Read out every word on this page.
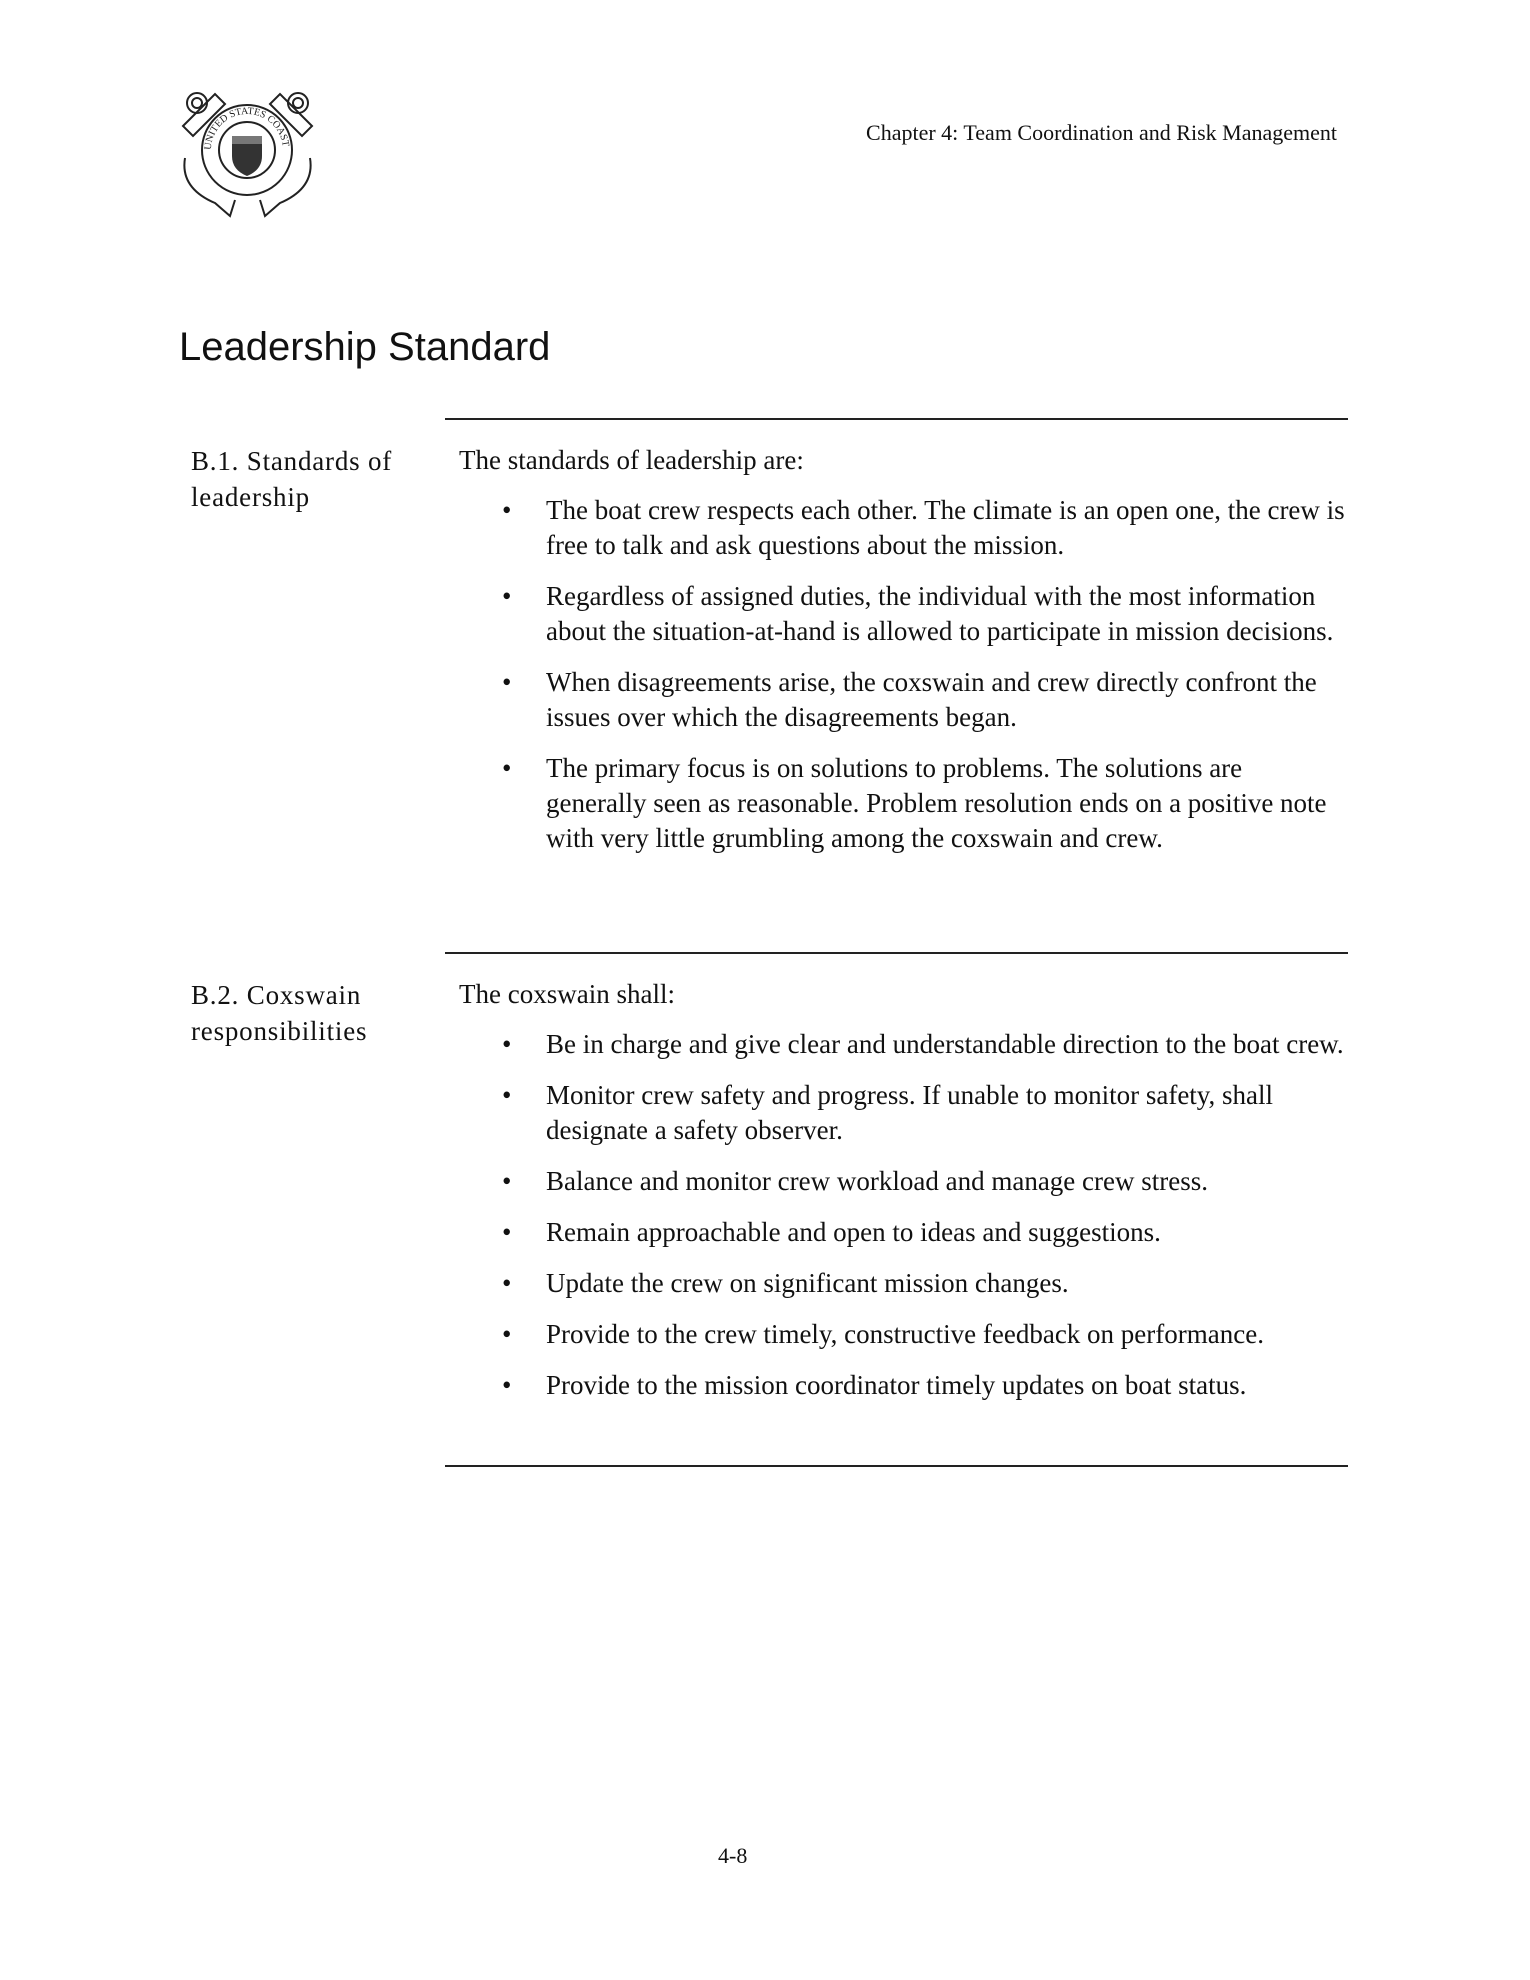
UNITED STATES COAST	Chapter 4: Team Coordination and Risk Management
Leadership Standard
B.1. Standards of leadership

The standards of leadership are:

• The boat crew respects each other. The climate is an open one, the crew is free to talk and ask questions about the mission.
• Regardless of assigned duties, the individual with the most information about the situation-at-hand is allowed to participate in mission decisions.
• When disagreements arise, the coxswain and crew directly confront the issues over which the disagreements began.
• The primary focus is on solutions to problems. The solutions are generally seen as reasonable. Problem resolution ends on a positive note with very little grumbling among the coxswain and crew.
B.2. Coxswain responsibilities

The coxswain shall:

• Be in charge and give clear and understandable direction to the boat crew.
• Monitor crew safety and progress. If unable to monitor safety, shall designate a safety observer.
• Balance and monitor crew workload and manage crew stress.
• Remain approachable and open to ideas and suggestions.
• Update the crew on significant mission changes.
• Provide to the crew timely, constructive feedback on performance.
• Provide to the mission coordinator timely updates on boat status.
4-8
